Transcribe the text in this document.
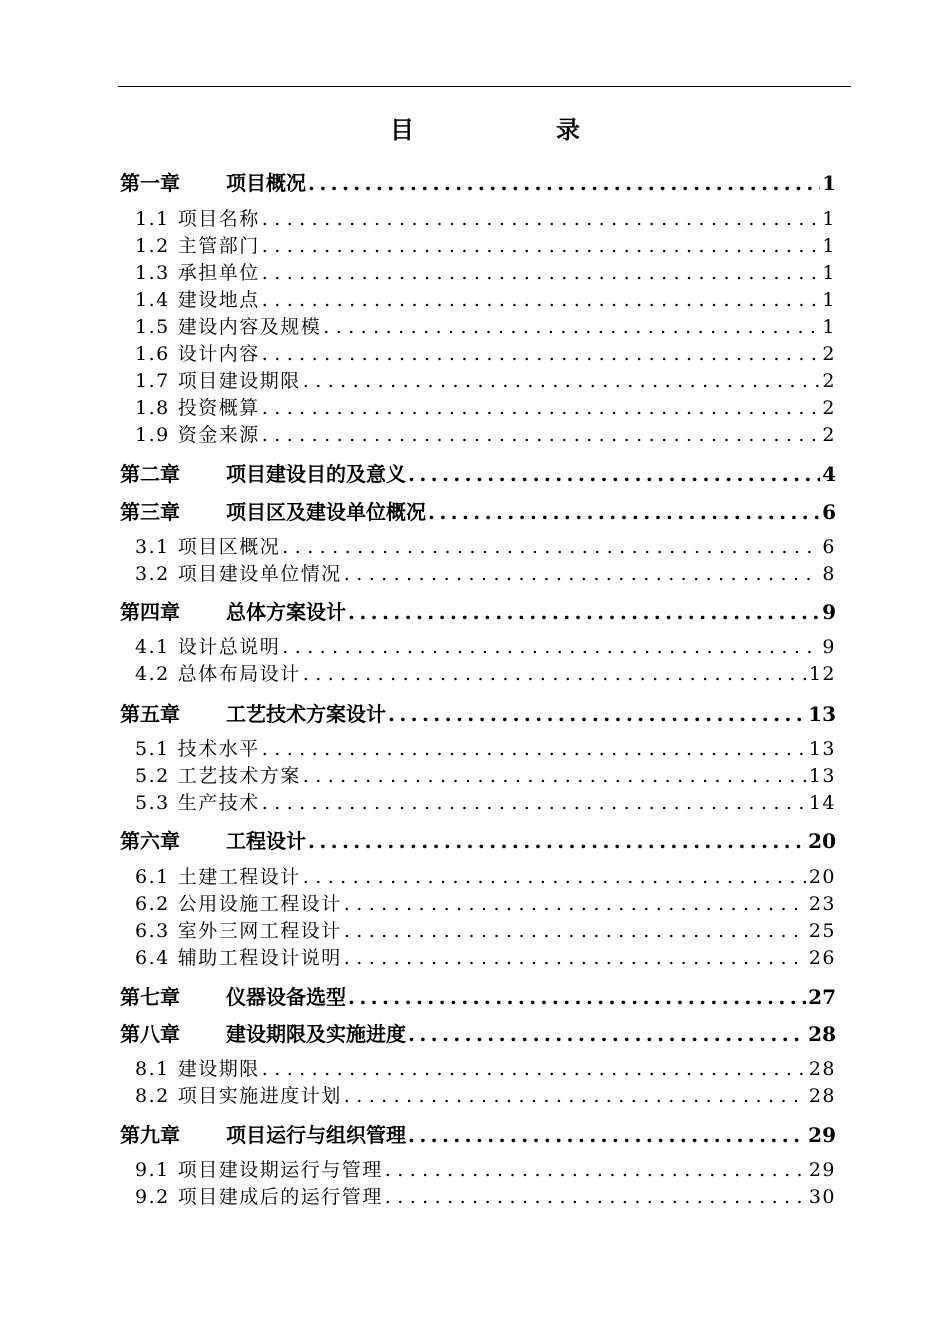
目	录
第一章	项目概况 . . .	1
1.1 项目名称 . . .	1
1.2 主管部门 . . .	1
1.3 承担单位 . . .	1
1.4 建设地点 . . .	1
1.5 建设内容及规模 . . .	1
1.6 设计内容 . . .	2
1.7 项目建设期限 . . .	2
1.8 投资概算 . . .	2
1.9 资金来源 . . .	2
第二章	项目建设目的及意义 . . .	4
第三章	项目区及建设单位概况 . . .	6
3.1 项目区概况 . . .	6
3.2 项目建设单位情况 . . .	8
第四章	总体方案设计 . . .	9
4.1 设计总说明 . . .	9
4.2 总体布局设计 . . .	12
第五章	工艺技术方案设计 . . .	13
5.1 技术水平 . . .	13
5.2 工艺技术方案 . . .	13
5.3 生产技术 . . .	14
第六章	工程设计 . . .	20
6.1 土建工程设计 . . .	20
6.2 公用设施工程设计 . . .	23
6.3 室外三网工程设计 . . .	25
6.4 辅助工程设计说明 . . .	26
第七章	仪器设备选型 . . .	27
第八章	建设期限及实施进度 . . .	28
8.1 建设期限 . . .	28
8.2 项目实施进度计划 . . .	28
第九章	项目运行与组织管理 . . .	29
9.1 项目建设期运行与管理 . . .	29
9.2 项目建成后的运行管理 . . .	30
